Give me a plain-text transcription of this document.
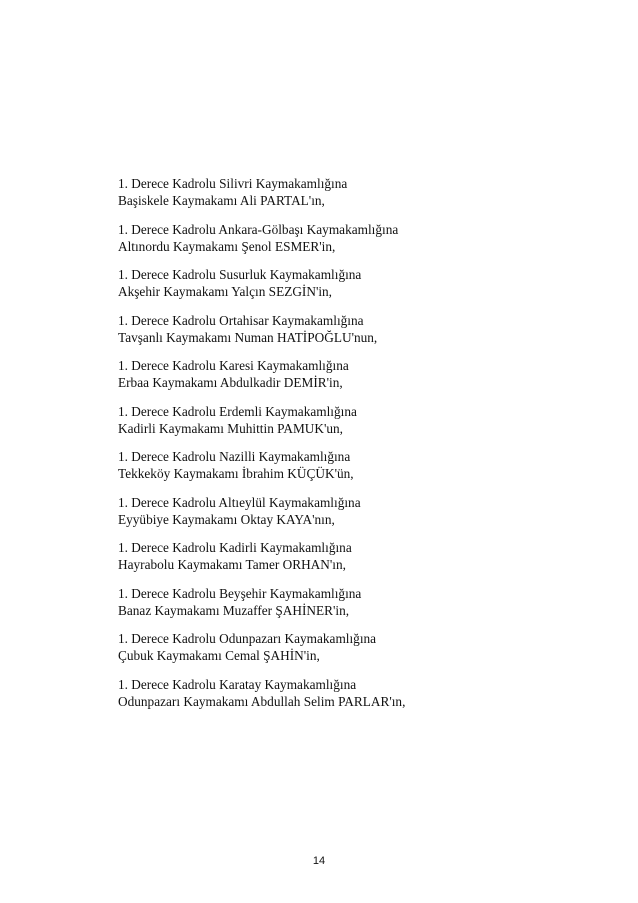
1. Derece Kadrolu Silivri Kaymakamlığına
Başiskele Kaymakamı Ali PARTAL'ın,
1. Derece Kadrolu Ankara-Gölbaşı Kaymakamlığına
Altınordu Kaymakamı Şenol ESMER'in,
1. Derece Kadrolu Susurluk Kaymakamlığına
Akşehir Kaymakamı Yalçın SEZGİN'in,
1. Derece Kadrolu Ortahisar Kaymakamlığına
Tavşanlı Kaymakamı Numan HATİPOĞLU'nun,
1. Derece Kadrolu Karesi Kaymakamlığına
Erbaa Kaymakamı Abdulkadir DEMİR'in,
1. Derece Kadrolu Erdemli Kaymakamlığına
Kadirli Kaymakamı Muhittin PAMUK'un,
1. Derece Kadrolu Nazilli Kaymakamlığına
Tekkeköy Kaymakamı İbrahim KÜÇÜK'ün,
1. Derece Kadrolu Altıeylül Kaymakamlığına
Eyyübiye Kaymakamı Oktay KAYA'nın,
1. Derece Kadrolu Kadirli Kaymakamlığına
Hayrabolu Kaymakamı Tamer ORHAN'ın,
1. Derece Kadrolu Beyşehir Kaymakamlığına
Banaz Kaymakamı Muzaffer ŞAHİNER'in,
1. Derece Kadrolu Odunpazarı Kaymakamlığına
Çubuk Kaymakamı Cemal ŞAHİN'in,
1. Derece Kadrolu Karatay Kaymakamlığına
Odunpazarı Kaymakamı Abdullah Selim PARLAR'ın,
14
